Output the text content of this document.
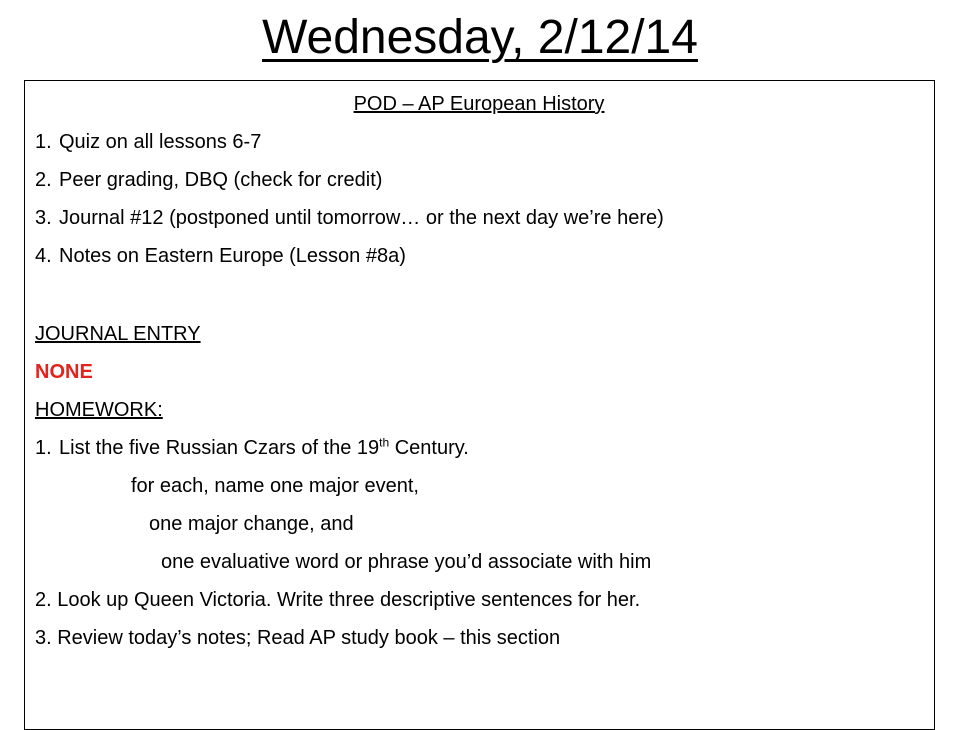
Wednesday, 2/12/14
POD – AP European History
1. Quiz on all lessons 6-7
2. Peer grading, DBQ (check for credit)
3. Journal #12 (postponed until tomorrow… or the next day we’re here)
4. Notes on Eastern Europe (Lesson #8a)
JOURNAL ENTRY
NONE
HOMEWORK:
1. List the five Russian Czars of the 19th Century.
for each, name one major event,
one major change, and
one evaluative word or phrase you’d associate with him
2. Look up Queen Victoria. Write three descriptive sentences for her.
3. Review today’s notes; Read AP study book – this section
